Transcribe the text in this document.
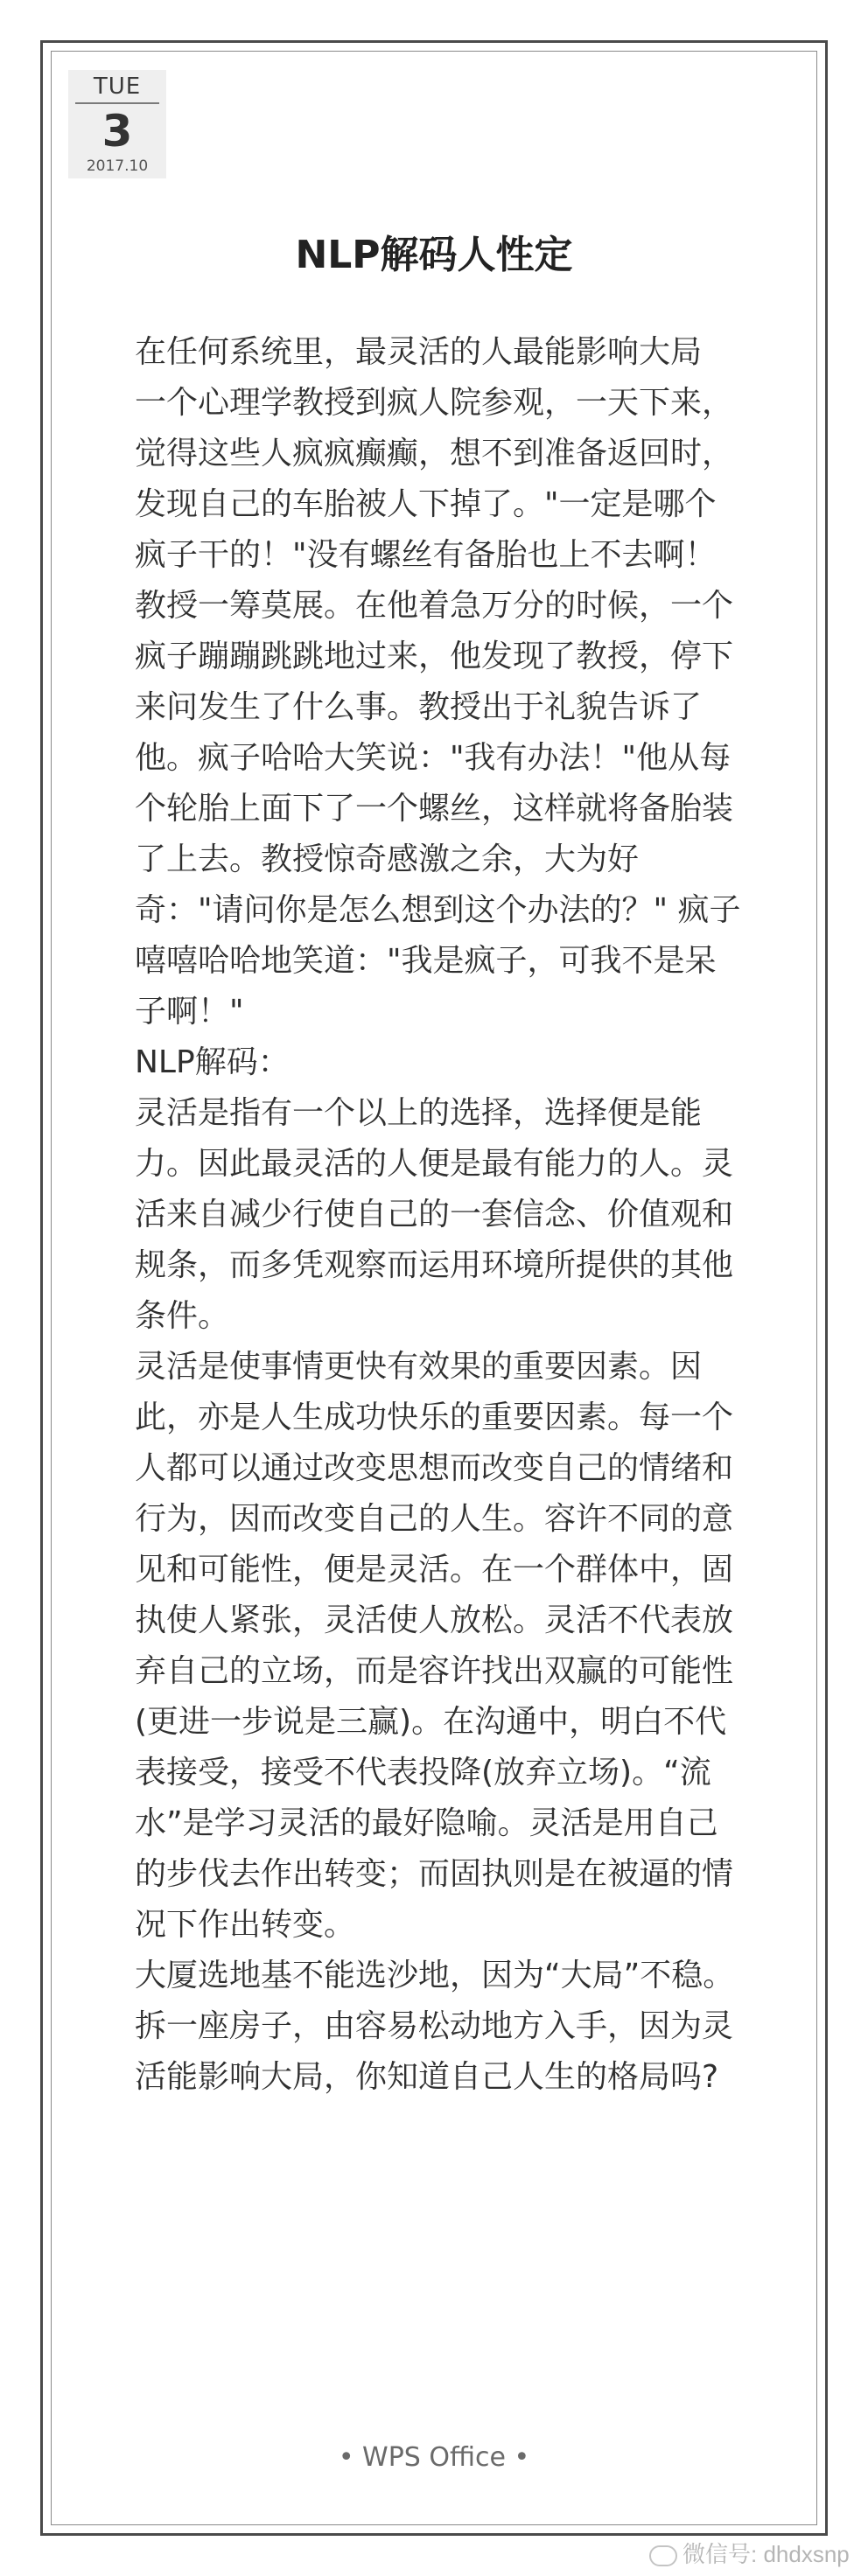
TUE
3
2017.10
NLP解码人性定

在任何系统里，最灵活的人最能影响大局

一个心理学教授到疯人院参观，一天下来，觉得这些人疯疯癫癫，想不到准备返回时，发现自己的车胎被人下掉了。"一定是哪个疯子干的！"没有螺丝有备胎也上不去啊！教授一筹莫展。在他着急万分的时候，一个疯子蹦蹦跳跳地过来，他发现了教授，停下来问发生了什么事。教授出于礼貌告诉了他。疯子哈哈大笑说："我有办法！"他从每个轮胎上面下了一个螺丝，这样就将备胎装了上去。教授惊奇感激之余，大为好奇："请问你是怎么想到这个办法的？" 疯子嘻嘻哈哈地笑道："我是疯子，可我不是呆子啊！"

NLP解码：

灵活是指有一个以上的选择，选择便是能力。因此最灵活的人便是最有能力的人。灵活来自减少行使自己的一套信念、价值观和规条，而多凭观察而运用环境所提供的其他条件。

灵活是使事情更快有效果的重要因素。因此，亦是人生成功快乐的重要因素。每一个人都可以通过改变思想而改变自己的情绪和行为，因而改变自己的人生。容许不同的意见和可能性，便是灵活。在一个群体中，固执使人紧张，灵活使人放松。灵活不代表放弃自己的立场，而是容许找出双赢的可能性(更进一步说是三赢)。在沟通中，明白不代表接受，接受不代表投降(放弃立场)。“流水”是学习灵活的最好隐喻。灵活是用自己的步伐去作出转变；而固执则是在被逼的情况下作出转变。

大厦选地基不能选沙地，因为“大局”不稳。拆一座房子，由容易松动地方入手，因为灵活能影响大局，你知道自己人生的格局吗?

• WPS Office •
微信号: dhdxsnp
